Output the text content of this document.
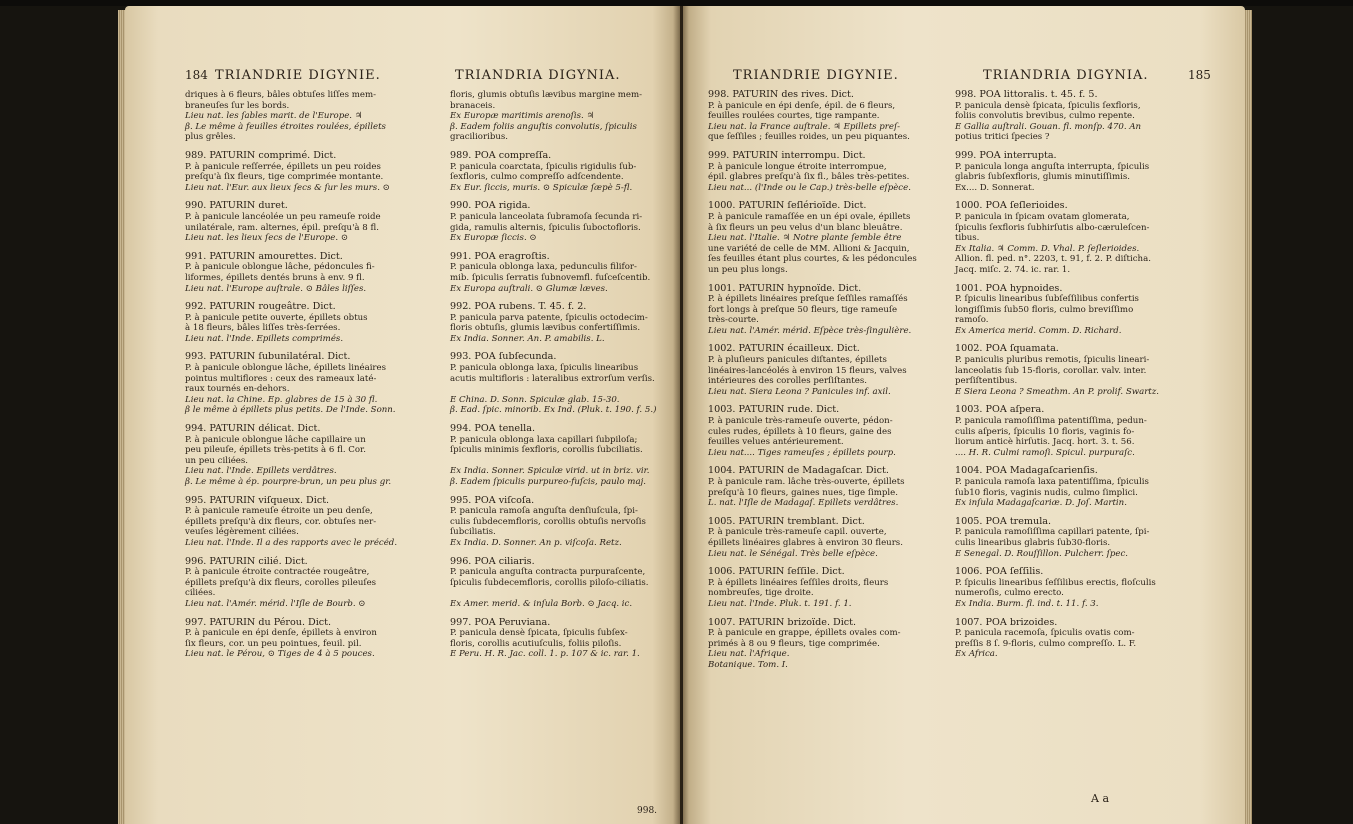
184 TRIANDRIE DIGYNIE.	TRIANDRIA DIGYNIA.
driques à 6 fleurs, bâles obtuſes liſſes mem-
braneuſes ſur les bords.
Lieu nat. les ſables marit. de l'Europe. ♃
β. Le même à feuilles étroites roulées, épillets
plus grêles.
989. PATURIN comprimé. Dict.
P. à panicule reſſerrée, épillets un peu roides
preſqu'à ſix fleurs, tige comprimée montante.
Lieu nat. l'Eur. aux lieux ſecs & ſur les murs. ⊙
990. PATURIN duret.
P. à panicule lancéolée un peu rameuſe roide
unilatérale, ram. alternes, épil. preſqu'à 8 fl.
Lieu nat. les lieux ſecs de l'Europe. ⊙
991. PATURIN amourettes. Dict.
P. à panicule oblongue lâche, pédoncules fi-
liformes, épillets dentés bruns à env. 9 fl.
Lieu nat. l'Europe auſtrale. ⊙ Bâles liſſes.
992. PATURIN rougeâtre. Dict.
P. à panicule petite ouverte, épillets obtus
à 18 fleurs, bâles liſſes très-ſerrées.
Lieu nat. l'Inde. Epillets comprimés.
993. PATURIN ſubunilatéral. Dict.
P. à panicule oblongue lâche, épillets linéaires
pointus multiflores : ceux des rameaux laté-
raux tournés en-dehors.
Lieu nat. la Chine. Ep. glabres de 15 à 30 fl.
β le même à épillets plus petits. De l'Inde. Sonn.
994. PATURIN délicat. Dict.
P. à panicule oblongue lâche capillaire un
peu pileuſe, épillets très-petits à 6 fl. Cor.
un peu ciliées.
Lieu nat. l'Inde. Epillets verdâtres.
β. Le même à ép. pourpre-brun, un peu plus gr.
995. PATURIN viſqueux. Dict.
P. à panicule rameuſe étroite un peu denſe,
épillets preſqu'à dix fleurs, cor. obtuſes ner-
veuſes légèrement ciliées.
Lieu nat. l'Inde. Il a des rapports avec le précéd.
996. PATURIN cilié. Dict.
P. à panicule étroite contractée rougeâtre,
épillets preſqu'à dix fleurs, corolles pileuſes
ciliées.
Lieu nat. l'Amér. mérid. l'Iſle de Bourb. ⊙
997. PATURIN du Pérou. Dict.
P. à panicule en épi denſe, épillets à environ
ſix fleurs, cor. un peu pointues, feuil. pil.
Lieu nat. le Pérou, ⊙ Tiges de 4 à 5 pouces.
floris, glumis obtuſis lævibus margine mem-
branaceis.
Ex Europæ maritimis arenoſis. ♃
β. Eadem foliis anguſtis convolutis, ſpiculis
gracilioribus.
989. POA compreſſa.
P. panicula coarctata, ſpiculis rigidulis ſub-
ſexfloris, culmo compreſſo adſcendente.
Ex Eur. ſiccis, muris. ⊙ Spiculæ ſæpè 5-fl.
990. POA rigida.
P. panicula lanceolata ſubramoſa ſecunda ri-
gida, ramulis alternis, ſpiculis ſuboctofloris.
Ex Europæ ſiccis. ⊙
991. POA eragroſtis.
P. panicula oblonga laxa, pedunculis filifor-
mib. ſpiculis ſerratis ſubnovemfl. fuſceſcentib.
Ex Europa auſtrali. ⊙ Glumæ læves.
992. POA rubens. T. 45. f. 2.
P. panicula parva patente, ſpiculis octodecim-
floris obtuſis, glumis lævibus confertiſſimis.
Ex India. Sonner. An. P. amabilis. L.
993. POA ſubſecunda.
P. panicula oblonga laxa, ſpiculis linearibus
acutis multifloris : lateralibus extrorſum verſis.

E China. D. Sonn. Spiculæ glab. 15-30.
β. Ead. ſpic. minorib. Ex Ind. (Pluk. t. 190. f. 5.)
994. POA tenella.
P. panicula oblonga laxa capillari ſubpiloſa;
ſpiculis minimis ſexfloris, corollis ſubciliatis.

Ex India. Sonner. Spiculæ virid. ut in briz. vir.
β. Eadem ſpiculis purpureo-fuſcis, paulo maj.
995. POA viſcoſa.
P. panicula ramoſa anguſta denſiuſcula, ſpi-
culis ſubdecemfloris, corollis obtuſis nervoſis
ſubciliatis.
Ex India. D. Sonner. An p. viſcoſa. Retz.
996. POA ciliaris.
P. panicula anguſta contracta purpuraſcente,
ſpiculis ſubdecemfloris, corollis piloſo-ciliatis.

Ex Amer. merid. & inſula Borb. ⊙ Jacq. ic.
997. POA Peruviana.
P. panicula densè ſpicata, ſpiculis ſubſex-
floris, corollis acutiuſculis, foliis piloſis.
E Peru. H. R. Jac. coll. 1. p. 107 & ic. rar. 1.
998.
TRIANDRIE DIGYNIE.	TRIANDRIA DIGYNIA.	185
998. PATURIN des rives. Dict.
P. à panicule en épi denſe, épil. de 6 fleurs,
feuilles roulées courtes, tige rampante.
Lieu nat. la France auſtrale. ♃ Epillets preſ-
que ſeſſiles ; feuilles roides, un peu piquantes.
999. PATURIN interrompu. Dict.
P. à panicule longue étroite interrompue,
épil. glabres preſqu'à ſix fl., bâles très-petites.
Lieu nat... (l'Inde ou le Cap.) très-belle eſpèce.
1000. PATURIN ſeſlérioïde. Dict.
P. à panicule ramaſſée en un épi ovale, épillets
à ſix fleurs un peu velus d'un blanc bleuâtre.
Lieu nat. l'Italie. ♃ Notre plante ſemble être
une variété de celle de MM. Allioni & Jacquin,
ſes feuilles étant plus courtes, & les pédoncules
un peu plus longs.
1001. PATURIN hypnoïde. Dict.
P. à épillets linéaires preſque ſeſſiles ramaſſés
fort longs à preſque 50 fleurs, tige rameuſe
très-courte.
Lieu nat. l'Amér. mérid. Eſpèce très-ſingulière.
1002. PATURIN écailleux. Dict.
P. à pluſieurs panicules diſtantes, épillets
linéaires-lancéolés à environ 15 fleurs, valves
intérieures des corolles perſiſtantes.
Lieu nat. Siera Leona ? Panicules inf. axil.
1003. PATURIN rude. Dict.
P. à panicule très-rameuſe ouverte, pédon-
cules rudes, épillets à 10 fleurs, gaine des
feuilles velues antérieurement.
Lieu nat.... Tiges rameuſes ; épillets pourp.
1004. PATURIN de Madagaſcar. Dict.
P. à panicule ram. lâche très-ouverte, épillets
preſqu'à 10 fleurs, gaines nues, tige ſimple.
L. nat. l'Iſle de Madagaſ. Epillets verdâtres.
1005. PATURIN tremblant. Dict.
P. à panicule très-rameuſe capil. ouverte,
épillets linéaires glabres à environ 30 fleurs.
Lieu nat. le Sénégal. Très belle eſpèce.
1006. PATURIN ſeſſile. Dict.
P. à épillets linéaires ſeſſiles droits, fleurs
nombreuſes, tige droite.
Lieu nat. l'Inde. Pluk. t. 191. f. 1.
1007. PATURIN brizoïde. Dict.
P. à panicule en grappe, épillets ovales com-
primés à 8 ou 9 fleurs, tige comprimée.
Lieu nat. l'Afrique.
Botanique. Tom. I.
998. POA littoralis. t. 45. f. 5.
P. panicula densè ſpicata, ſpiculis ſexfloris,
foliis convolutis brevibus, culmo repente.
E Gallia auſtrali. Gouan. fl. monſp. 470. An
potius tritici ſpecies ?
999. POA interrupta.
P. panicula longa anguſta interrupta, ſpiculis
glabris ſubſexfloris, glumis minutiſſimis.
Ex.... D. Sonnerat.
1000. POA ſeſlerioides.
P. panicula in ſpicam ovatam glomerata,
ſpiculis ſexfloris ſubhirſutis albo-cæruleſcen-
tibus.
Ex Italia. ♃ Comm. D. Vhal. P. ſeſlerioides.
Allion. fl. ped. n°. 2203, t. 91, f. 2. P. diſticha.
Jacq. miſc. 2. 74. ic. rar. 1.
1001. POA hypnoides.
P. ſpiculis linearibus ſubſeſſilibus confertis
longiſſimis ſub50 floris, culmo breviſſimo
ramoſo.
Ex America merid. Comm. D. Richard.
1002. POA ſquamata.
P. paniculis pluribus remotis, ſpiculis lineari-
lanceolatis ſub 15-floris, corollar. valv. inter.
perſiſtentibus.
E Siera Leona ? Smeathm. An P. prolif. Swartz.
1003. POA aſpera.
P. panicula ramoſiſſima patentiſſima, pedun-
culis aſperis, ſpiculis 10 floris, vaginis fo-
liorum anticè hirſutis. Jacq. hort. 3. t. 56.
.... H. R. Culmi ramoſi. Spicul. purpuraſc.
1004. POA Madagaſcarienſis.
P. panicula ramoſa laxa patentiſſima, ſpiculis
ſub10 floris, vaginis nudis, culmo ſimplici.
Ex inſula Madagaſcariæ. D. Joſ. Martin.
1005. POA tremula.
P. panicula ramoſiſſima capillari patente, ſpi-
culis linearibus glabris ſub30-floris.
E Senegal. D. Rouſſillon. Pulcherr. ſpec.
1006. POA ſeſſilis.
P. ſpiculis linearibus ſeſſilibus erectis, floſculis
numeroſis, culmo erecto.
Ex India. Burm. fl. ind. t. 11. f. 3.
1007. POA brizoides.
P. panicula racemoſa, ſpiculis ovatis com-
preſſis 8 ſ. 9-floris, culmo compreſſo. L. F.
Ex Africa.
A a
